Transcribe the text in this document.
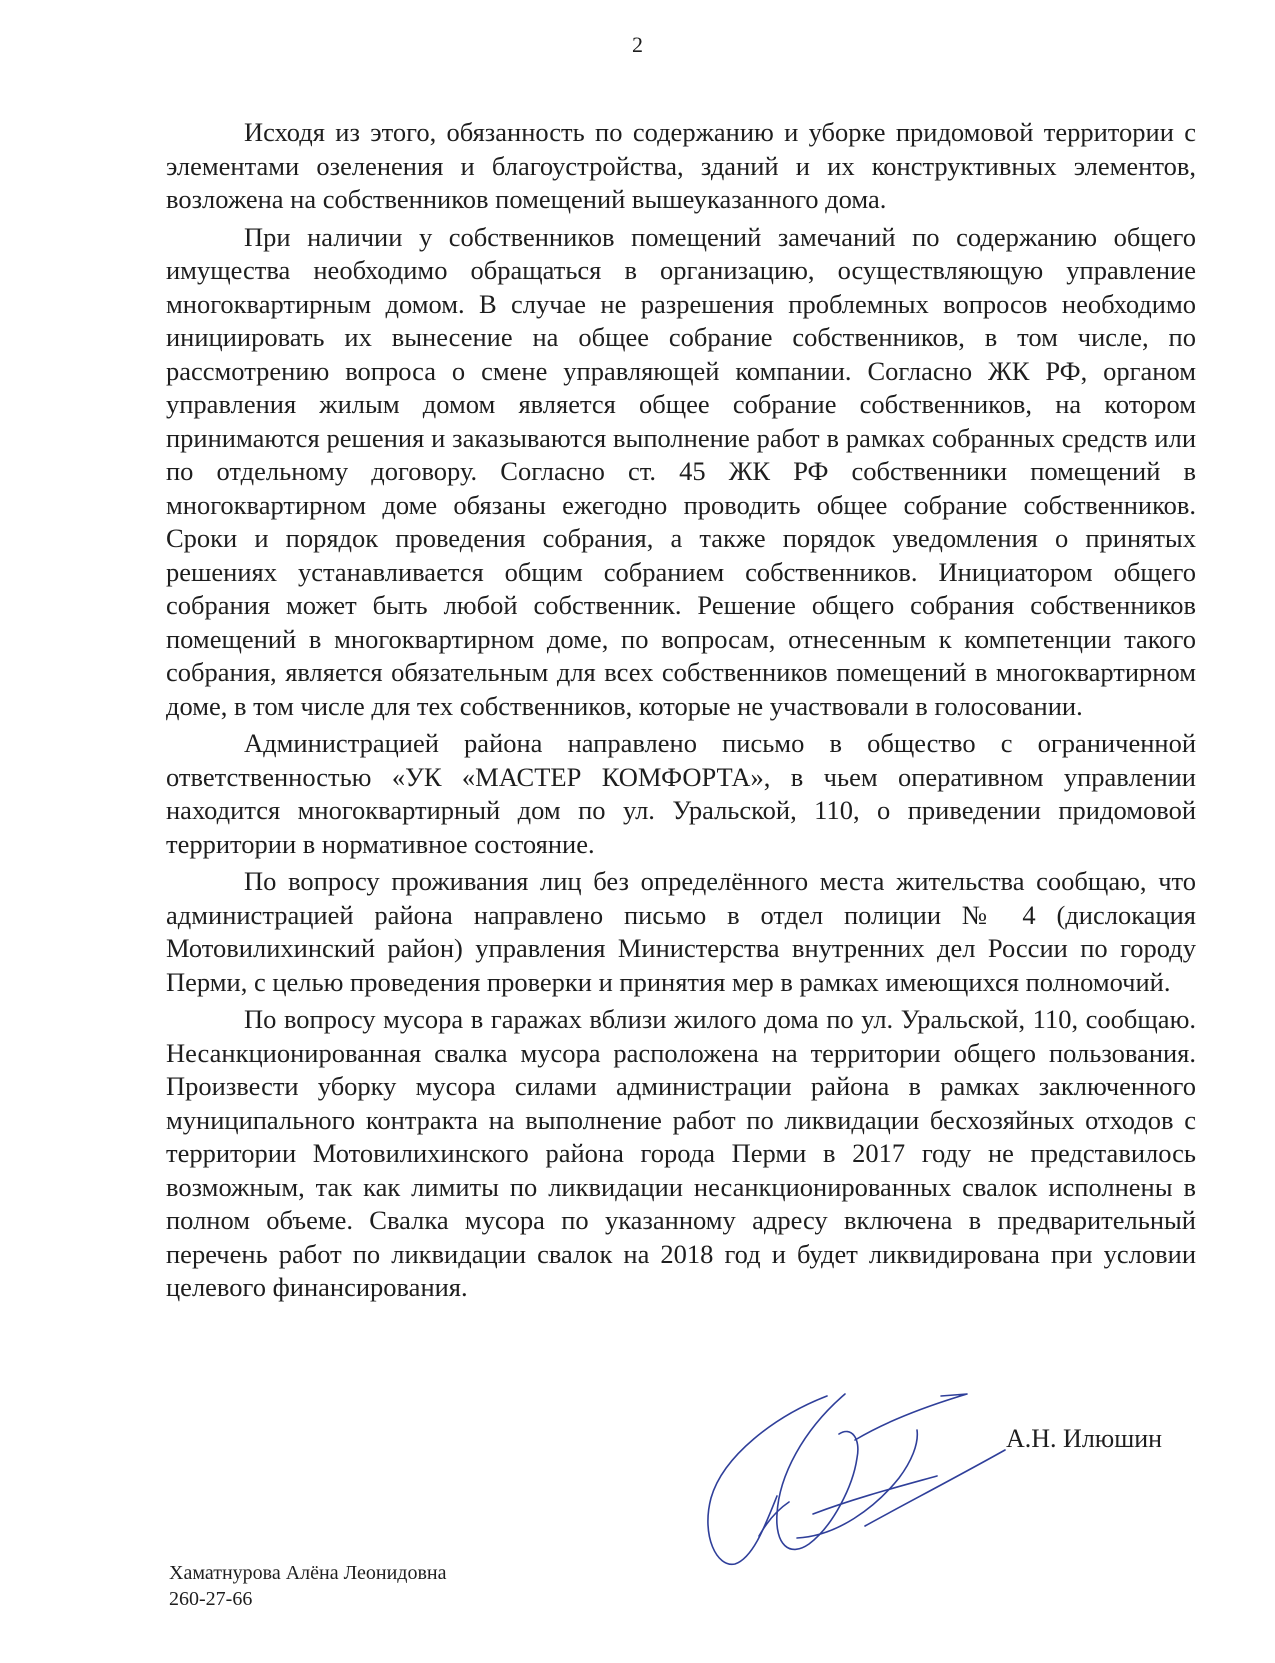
2

Исходя из этого, обязанность по содержанию и уборке придомовой территории с элементами озеленения и благоустройства, зданий и их конструктивных элементов, возложена на собственников помещений вышеуказанного дома.

При наличии у собственников помещений замечаний по содержанию общего имущества необходимо обращаться в организацию, осуществляющую управление многоквартирным домом. В случае не разрешения проблемных вопросов необходимо инициировать их вынесение на общее собрание собственников, в том числе, по рассмотрению вопроса о смене управляющей компании. Согласно ЖК РФ, органом управления жилым домом является общее собрание собственников, на котором принимаются решения и заказываются выполнение работ в рамках собранных средств или по отдельному договору. Согласно ст. 45 ЖК РФ собственники помещений в многоквартирном доме обязаны ежегодно проводить общее собрание собственников. Сроки и порядок проведения собрания, а также порядок уведомления о принятых решениях устанавливается общим собранием собственников. Инициатором общего собрания может быть любой собственник. Решение общего собрания собственников помещений в многоквартирном доме, по вопросам, отнесенным к компетенции такого собрания, является обязательным для всех собственников помещений в многоквартирном доме, в том числе для тех собственников, которые не участвовали в голосовании.

Администрацией района направлено письмо в общество с ограниченной ответственностью «УК «МАСТЕР КОМФОРТА», в чьем оперативном управлении находится многоквартирный дом по ул. Уральской, 110, о приведении придомовой территории в нормативное состояние.

По вопросу проживания лиц без определённого места жительства сообщаю, что администрацией района направлено письмо в отдел полиции № 4 (дислокация Мотовилихинский район) управления Министерства внутренних дел России по городу Перми, с целью проведения проверки и принятия мер в рамках имеющихся полномочий.

По вопросу мусора в гаражах вблизи жилого дома по ул. Уральской, 110, сообщаю. Несанкционированная свалка мусора расположена на территории общего пользования. Произвести уборку мусора силами администрации района в рамках заключенного муниципального контракта на выполнение работ по ликвидации бесхозяйных отходов с территории Мотовилихинского района города Перми в 2017 году не представилось возможным, так как лимиты по ликвидации несанкционированных свалок исполнены в полном объеме. Свалка мусора по указанному адресу включена в предварительный перечень работ по ликвидации свалок на 2018 год и будет ликвидирована при условии целевого финансирования.

А.Н. Илюшин
Хаматнурова Алёна Леонидовна
260-27-66
